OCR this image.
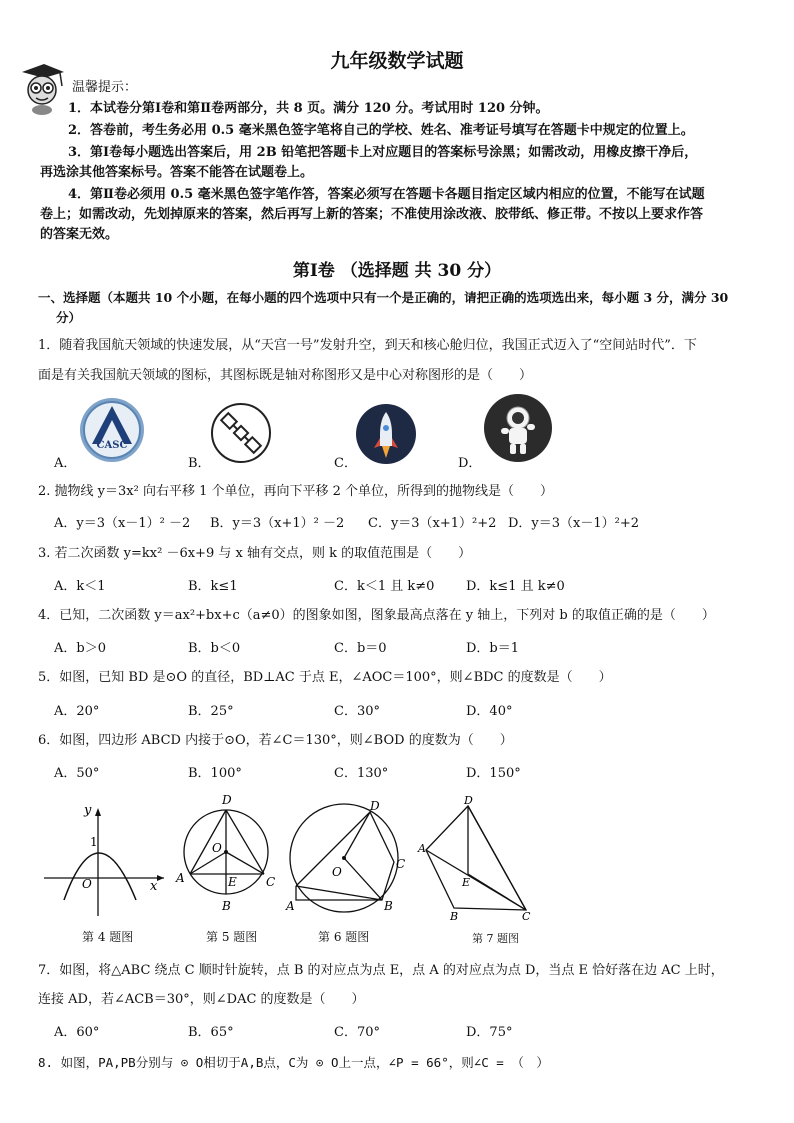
九年级数学试题
温馨提示：
1．本试卷分第Ⅰ卷和第Ⅱ卷两部分，共 8 页。满分 120 分。考试用时 120 分钟。
2．答卷前，考生务必用 0.5 毫米黑色签字笔将自己的学校、姓名、准考证号填写在答题卡中规定的位置上。
3．第Ⅰ卷每小题选出答案后，用 2B 铅笔把答题卡上对应题目的答案标号涂黑；如需改动，用橡皮擦干净后，
再选涂其他答案标号。答案不能答在试题卷上。
4．第Ⅱ卷必须用 0.5 毫米黑色签字笔作答，答案必须写在答题卡各题目指定区域内相应的位置，不能写在试题
卷上；如需改动，先划掉原来的答案，然后再写上新的答案；不准使用涂改液、胶带纸、修正带。不按以上要求作答
的答案无效。
第Ⅰ卷 （选择题 共 30 分）
一、选择题（本题共 10 个小题，在每小题的四个选项中只有一个是正确的，请把正确的选项选出来，每小题 3 分，满分 30
分）
1．随着我国航天领域的快速发展，从“天宫一号”发射升空，到天和核心舱归位，我国正式迈入了“空间站时代”．下
面是有关我国航天领域的图标，其图标既是轴对称图形又是中心对称图形的是（　　）
CASC
A．	B．	C．	D．
2. 抛物线 y＝3x² 向右平移 1 个单位，再向下平移 2 个单位，所得到的抛物线是（　　）
A．y＝3（x－1）² －2 B．y＝3（x+1）² －2 C．y＝3（x+1）²+2 D．y＝3（x－1）²+2
3. 若二次函数 y=kx² －6x+9 与 x 轴有交点，则 k 的取值范围是（　　）
A．k＜1	B．k≤1	C．k＜1 且 k≠0 D．k≤1 且 k≠0
4．已知，二次函数 y＝ax²+bx+c（a≠0）的图象如图，图象最高点落在 y 轴上，下列对 b 的取值正确的是（　　）
A．b＞0	B．b＜0	C．b＝0	D．b＝1
5．如图，已知 BD 是⊙O 的直径，BD⊥AC 于点 E，∠AOC＝100°，则∠BDC 的度数是（　　）
A．20°	B．25°	C．30°	D．40°
6．如图，四边形 ABCD 内接于⊙O，若∠C＝130°，则∠BOD 的度数为（　　）
A．50°	B．100°	C．130°	D．150°
y
1
O	x
D
O
A	E C
B
D
O
C
A	B
D
A
E
B	C
第 4 题图	第 5 题图	第 6 题图	第 7 题图
7．如图，将△ABC 绕点 C 顺时针旋转，点 B 的对应点为点 E，点 A 的对应点为点 D，当点 E 恰好落在边 AC 上时，
连接 AD，若∠ACB＝30°，则∠DAC 的度数是（　　）
A．60°	B．65°	C．70°	D．75°
8. 如图，PA,PB分别与 ⊙ O相切于A,B点，C为 ⊙ O上一点，∠P = 66°，则∠C = （　）
